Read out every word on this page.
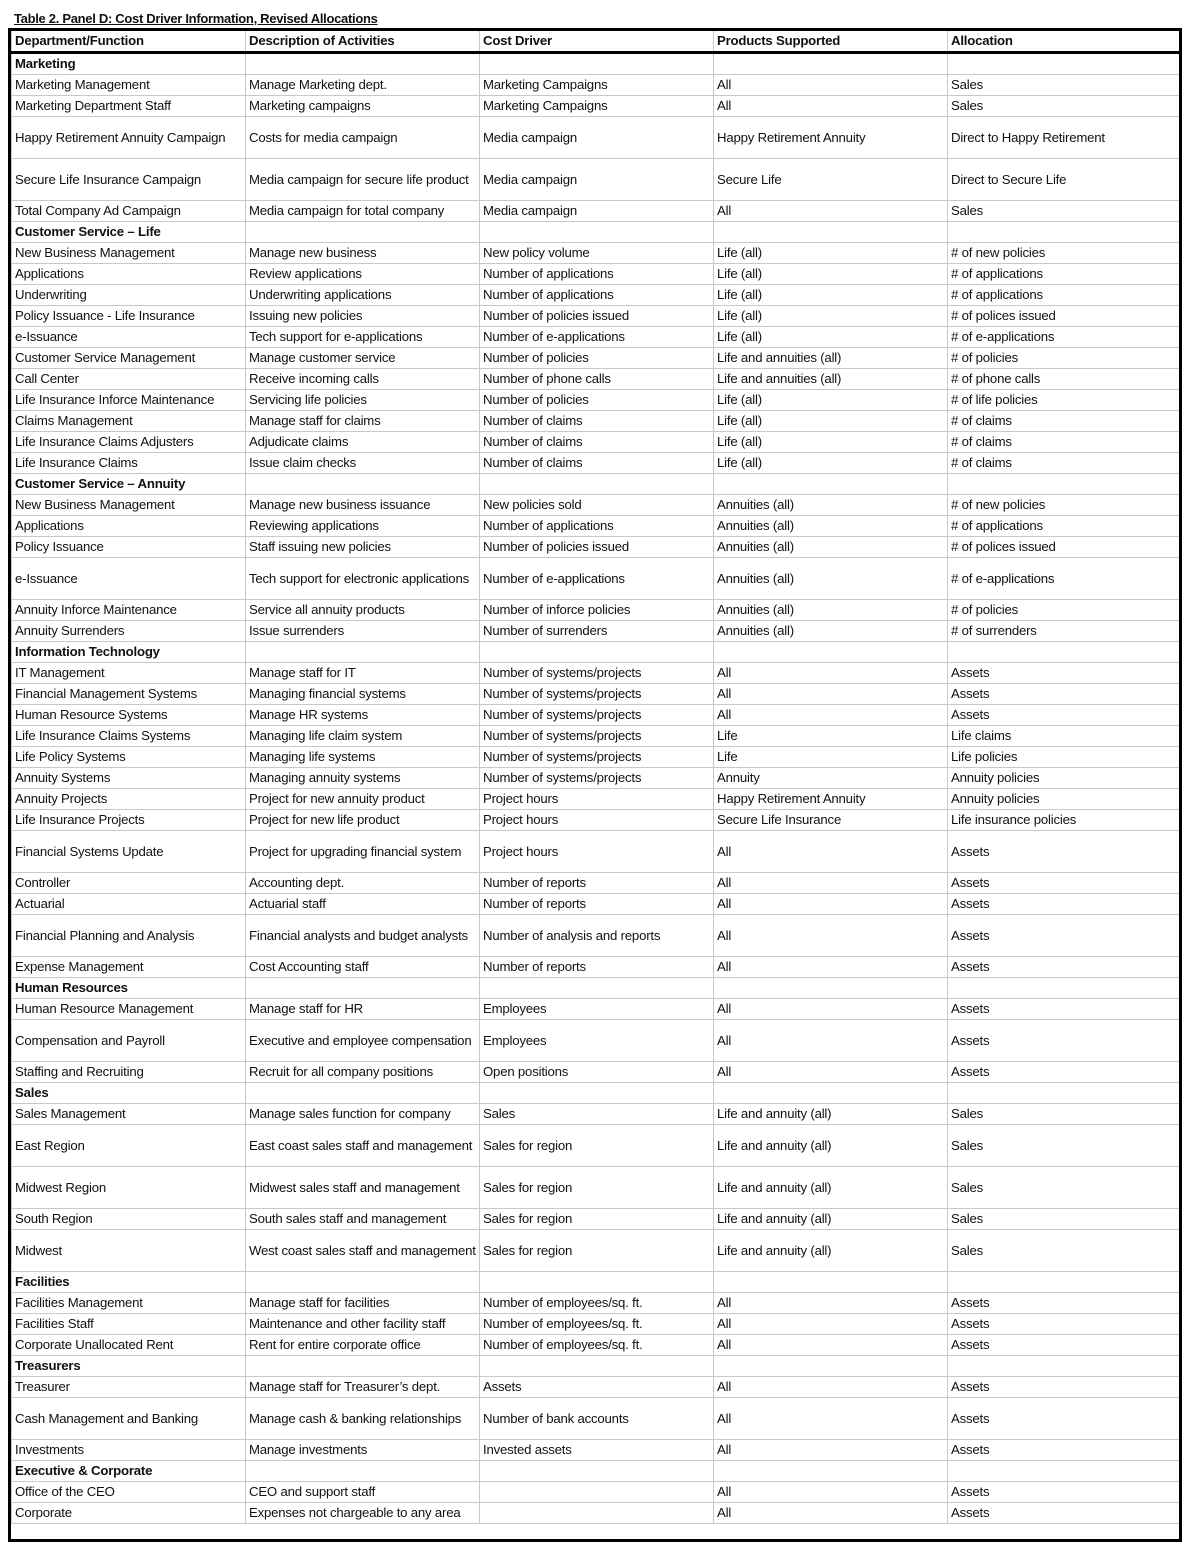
Table 2. Panel D: Cost Driver Information, Revised Allocations
Department/Function	Description of Activities	Cost Driver	Products Supported	Allocation
Marketing				
Marketing Management	Manage Marketing dept.	Marketing Campaigns	All	Sales
Marketing Department Staff	Marketing campaigns	Marketing Campaigns	All	Sales
Happy Retirement Annuity Campaign	Costs for media campaign	Media campaign	Happy Retirement Annuity	Direct to Happy Retirement
Secure Life Insurance Campaign	Media campaign for secure life product	Media campaign	Secure Life	Direct to Secure Life
Total Company Ad Campaign	Media campaign for total company	Media campaign	All	Sales
Customer Service – Life				
New Business Management	Manage new business	New policy volume	Life (all)	# of new policies
Applications	Review applications	Number of applications	Life (all)	# of applications
Underwriting	Underwriting applications	Number of applications	Life (all)	# of applications
Policy Issuance - Life Insurance	Issuing new policies	Number of policies issued	Life (all)	# of polices issued
e-Issuance	Tech support for e-applications	Number of e-applications	Life (all)	# of e-applications
Customer Service Management	Manage customer service	Number of policies	Life and annuities (all)	# of policies
Call Center	Receive incoming calls	Number of phone calls	Life and annuities (all)	# of phone calls
Life Insurance Inforce Maintenance	Servicing life policies	Number of policies	Life (all)	# of life policies
Claims Management	Manage staff for claims	Number of claims	Life (all)	# of claims
Life Insurance Claims Adjusters	Adjudicate claims	Number of claims	Life (all)	# of claims
Life Insurance Claims	Issue claim checks	Number of claims	Life (all)	# of claims
Customer Service – Annuity				
New Business Management	Manage new business issuance	New policies sold	Annuities (all)	# of new policies
Applications	Reviewing applications	Number of applications	Annuities (all)	# of applications
Policy Issuance	Staff issuing new policies	Number of policies issued	Annuities (all)	# of polices issued
e-Issuance	Tech support for electronic applications	Number of e-applications	Annuities (all)	# of e-applications
Annuity Inforce Maintenance	Service all annuity products	Number of inforce policies	Annuities (all)	# of policies
Annuity Surrenders	Issue surrenders	Number of surrenders	Annuities (all)	# of surrenders
Information Technology				
IT Management	Manage staff for IT	Number of systems/projects	All	Assets
Financial Management Systems	Managing financial systems	Number of systems/projects	All	Assets
Human Resource Systems	Manage HR systems	Number of systems/projects	All	Assets
Life Insurance Claims Systems	Managing life claim system	Number of systems/projects	Life	Life claims
Life Policy Systems	Managing life systems	Number of systems/projects	Life	Life policies
Annuity Systems	Managing annuity systems	Number of systems/projects	Annuity	Annuity policies
Annuity Projects	Project for new annuity product	Project hours	Happy Retirement Annuity	Annuity policies
Life Insurance Projects	Project for new life product	Project hours	Secure Life Insurance	Life insurance policies
Financial Systems Update	Project for upgrading financial system	Project hours	All	Assets
Controller	Accounting dept.	Number of reports	All	Assets
Actuarial	Actuarial staff	Number of reports	All	Assets
Financial Planning and Analysis	Financial analysts and budget analysts	Number of analysis and reports	All	Assets
Expense Management	Cost Accounting staff	Number of reports	All	Assets
Human Resources				
Human Resource Management	Manage staff for HR	Employees	All	Assets
Compensation and Payroll	Executive and employee compensation	Employees	All	Assets
Staffing and Recruiting	Recruit for all company positions	Open positions	All	Assets
Sales				
Sales Management	Manage sales function for company	Sales	Life and annuity (all)	Sales
East Region	East coast sales staff and management	Sales for region	Life and annuity (all)	Sales
Midwest Region	Midwest sales staff and management	Sales for region	Life and annuity (all)	Sales
South Region	South sales staff and management	Sales for region	Life and annuity (all)	Sales
Midwest	West coast sales staff and management	Sales for region	Life and annuity (all)	Sales
Facilities				
Facilities Management	Manage staff for facilities	Number of employees/sq. ft.	All	Assets
Facilities Staff	Maintenance and other facility staff	Number of employees/sq. ft.	All	Assets
Corporate Unallocated Rent	Rent for entire corporate office	Number of employees/sq. ft.	All	Assets
Treasurers				
Treasurer	Manage staff for Treasurer’s dept.	Assets	All	Assets
Cash Management and Banking	Manage cash & banking relationships	Number of bank accounts	All	Assets
Investments	Manage investments	Invested assets	All	Assets
Executive & Corporate				
Office of the CEO	CEO and support staff		All	Assets
Corporate	Expenses not chargeable to any area		All	Assets
